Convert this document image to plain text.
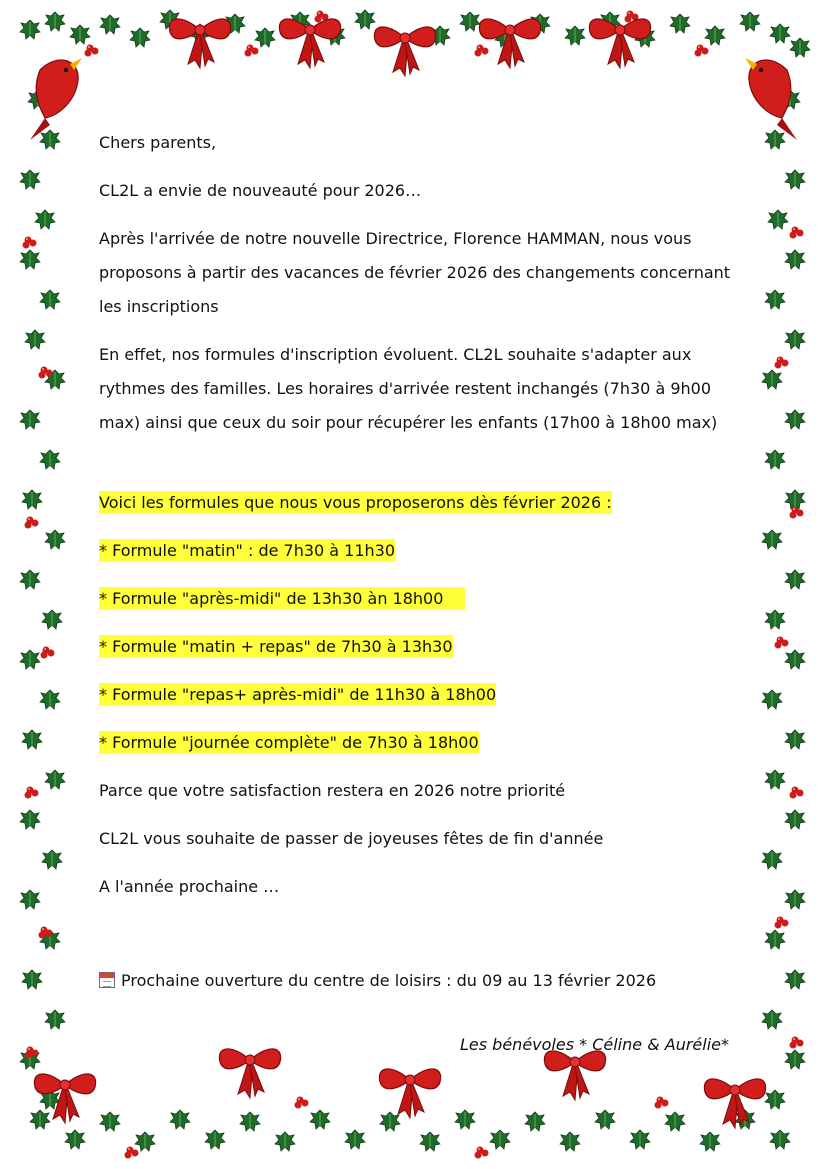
Chers parents,

CL2L a envie de nouveauté pour 2026…

Après l'arrivée de notre nouvelle Directrice, Florence HAMMAN, nous vous proposons à partir des vacances de février 2026 des changements concernant les inscriptions

En effet, nos formules d'inscription évoluent. CL2L souhaite s'adapter aux rythmes des familles. Les horaires d'arrivée restent inchangés (7h30 à 9h00 max) ainsi que ceux du soir pour récupérer les enfants (17h00 à 18h00 max)

Voici les formules que nous vous proposerons dès février 2026 :

* Formule "matin" : de 7h30 à 11h30

* Formule "après-midi" de 13h30 àn 18h00

* Formule "matin + repas" de 7h30 à 13h30

* Formule "repas+ après-midi" de 11h30 à 18h00

* Formule "journée complète" de 7h30 à 18h00

Parce que votre satisfaction restera en 2026 notre priorité

CL2L vous souhaite de passer de joyeuses fêtes de fin d'année

A l'année prochaine …

Prochaine ouverture du centre de loisirs : du 09 au 13 février 2026

Les bénévoles * Céline & Aurélie*
